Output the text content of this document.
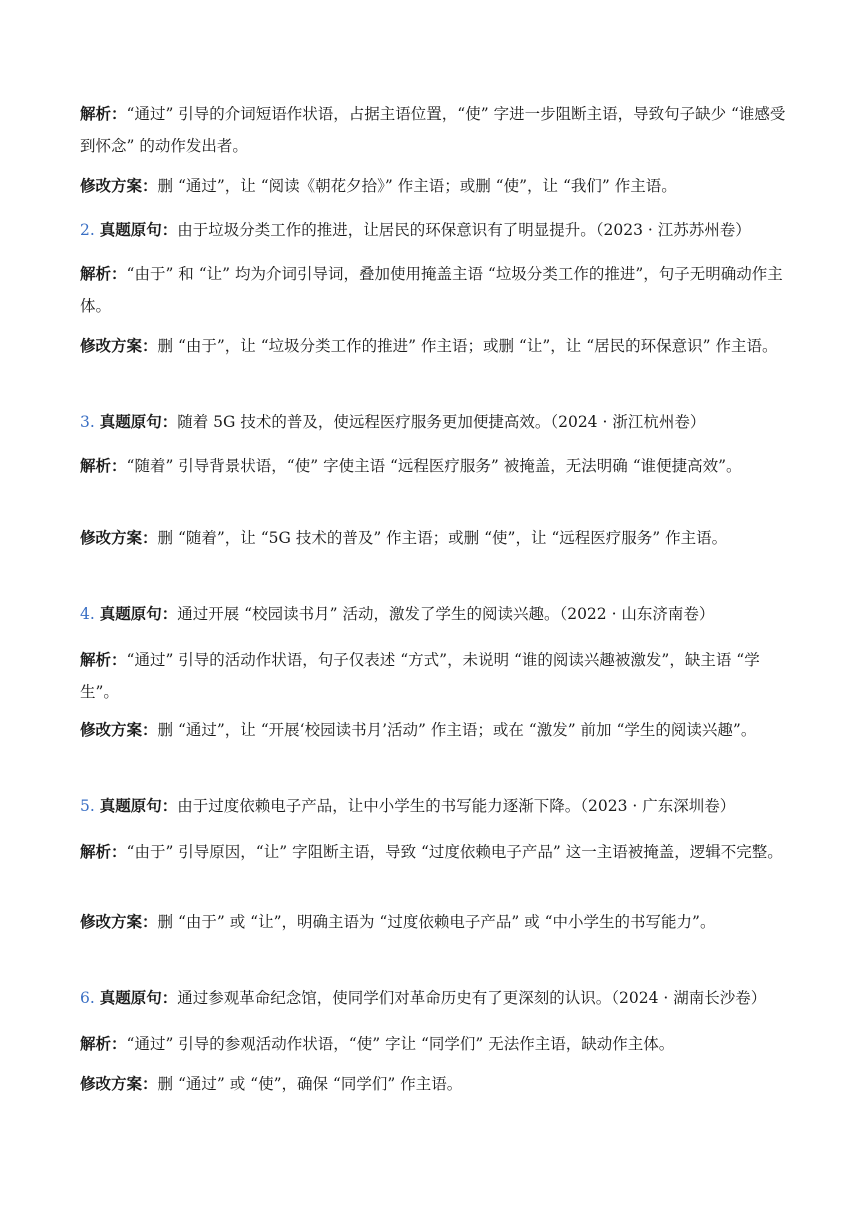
解析：“通过” 引导的介词短语作状语，占据主语位置，“使” 字进一步阻断主语，导致句子缺少 “谁感受到怀念” 的动作发出者。

修改方案：删 “通过”，让 “阅读《朝花夕拾》” 作主语；或删 “使”，让 “我们” 作主语。

2. 真题原句：由于垃圾分类工作的推进，让居民的环保意识有了明显提升。（2023 · 江苏苏州卷）

解析：“由于” 和 “让” 均为介词引导词，叠加使用掩盖主语 “垃圾分类工作的推进”，句子无明确动作主体。

修改方案：删 “由于”，让 “垃圾分类工作的推进” 作主语；或删 “让”，让 “居民的环保意识” 作主语。

3. 真题原句：随着 5G 技术的普及，使远程医疗服务更加便捷高效。（2024 · 浙江杭州卷）

解析：“随着” 引导背景状语，“使” 字使主语 “远程医疗服务” 被掩盖，无法明确 “谁便捷高效”。

修改方案：删 “随着”，让 “5G 技术的普及” 作主语；或删 “使”，让 “远程医疗服务” 作主语。

4. 真题原句：通过开展 “校园读书月” 活动，激发了学生的阅读兴趣。（2022 · 山东济南卷）

解析：“通过” 引导的活动作状语，句子仅表述 “方式”，未说明 “谁的阅读兴趣被激发”，缺主语 “学生”。

修改方案：删 “通过”，让 “开展‘校园读书月’活动” 作主语；或在 “激发” 前加 “学生的阅读兴趣”。

5. 真题原句：由于过度依赖电子产品，让中小学生的书写能力逐渐下降。（2023 · 广东深圳卷）

解析：“由于” 引导原因，“让” 字阻断主语，导致 “过度依赖电子产品” 这一主语被掩盖，逻辑不完整。

修改方案：删 “由于” 或 “让”，明确主语为 “过度依赖电子产品” 或 “中小学生的书写能力”。

6. 真题原句：通过参观革命纪念馆，使同学们对革命历史有了更深刻的认识。（2024 · 湖南长沙卷）

解析：“通过” 引导的参观活动作状语，“使” 字让 “同学们” 无法作主语，缺动作主体。

修改方案：删 “通过” 或 “使”，确保 “同学们” 作主语。
